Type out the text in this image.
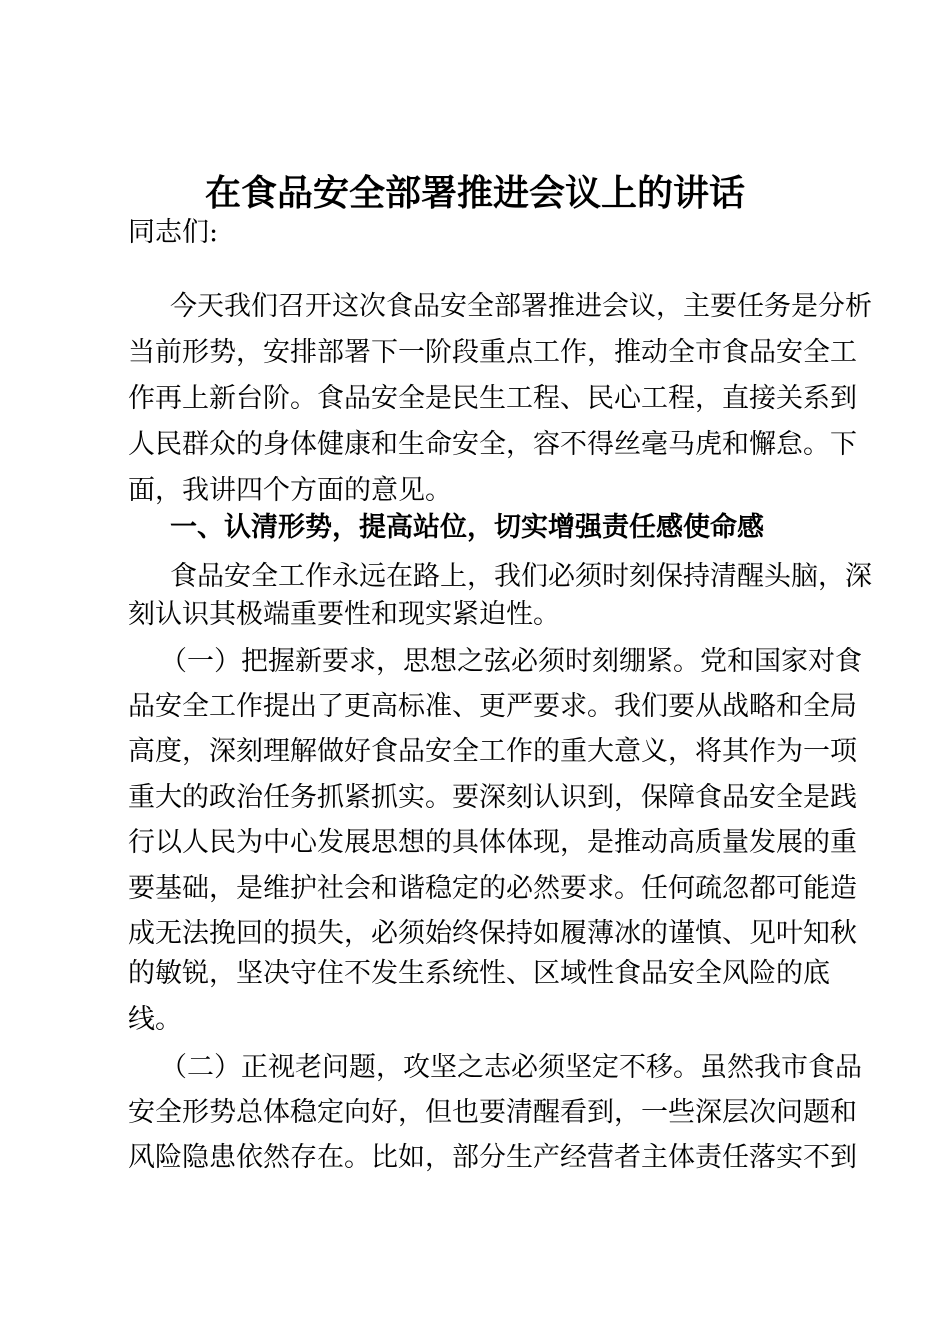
在食品安全部署推进会议上的讲话
同志们:
今天我们召开这次食品安全部署推进会议，主要任务是分析
当前形势，安排部署下一阶段重点工作，推动全市食品安全工
作再上新台阶。食品安全是民生工程、民心工程，直接关系到
人民群众的身体健康和生命安全，容不得丝毫马虎和懈怠。下
面，我讲四个方面的意见。
一、认清形势，提高站位，切实增强责任感使命感
食品安全工作永远在路上，我们必须时刻保持清醒头脑，深
刻认识其极端重要性和现实紧迫性。
（一）把握新要求，思想之弦必须时刻绷紧。党和国家对食
品安全工作提出了更高标准、更严要求。我们要从战略和全局
高度，深刻理解做好食品安全工作的重大意义，将其作为一项
重大的政治任务抓紧抓实。要深刻认识到，保障食品安全是践
行以人民为中心发展思想的具体体现，是推动高质量发展的重
要基础，是维护社会和谐稳定的必然要求。任何疏忽都可能造
成无法挽回的损失，必须始终保持如履薄冰的谨慎、见叶知秋
的敏锐，坚决守住不发生系统性、区域性食品安全风险的底
线。
（二）正视老问题，攻坚之志必须坚定不移。虽然我市食品
安全形势总体稳定向好，但也要清醒看到，一些深层次问题和
风险隐患依然存在。比如，部分生产经营者主体责任落实不到
